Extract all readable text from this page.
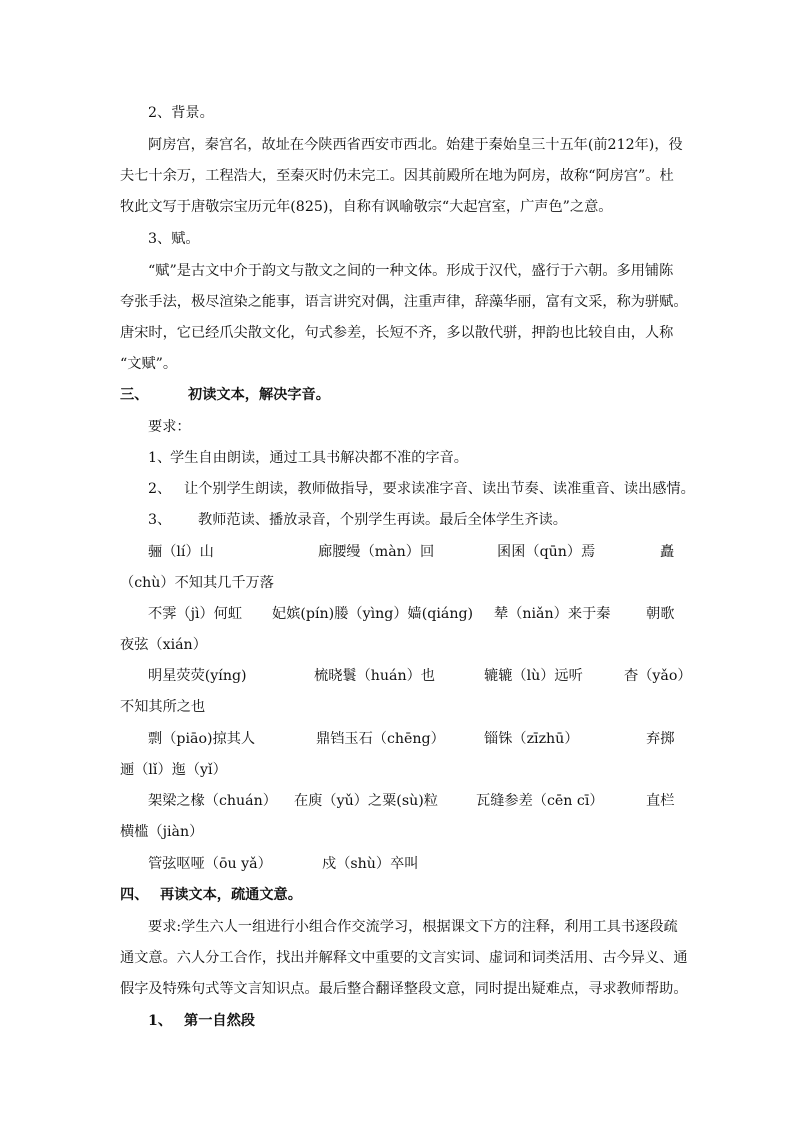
2、背景。
阿房宫，秦宫名，故址在今陕西省西安市西北。始建于秦始皇三十五年(前212年)，役
夫七十余万，工程浩大，至秦灭时仍未完工。因其前殿所在地为阿房，故称“阿房宫”。杜
牧此文写于唐敬宗宝历元年(825)，自称有讽喻敬宗“大起宫室，广声色”之意。
3、赋。
“赋”是古文中介于韵文与散文之间的一种文体。形成于汉代，盛行于六朝。多用铺陈
夸张手法，极尽渲染之能事，语言讲究对偶，注重声律，辞藻华丽，富有文采，称为骈赋。
唐宋时，它已经爪尖散文化，句式参差，长短不齐，多以散代骈，押韵也比较自由，人称
“文赋”。

三、

	初读文本，解决字音。

要求：

1、

学生自由朗读，通过工具书解决都不准的字音。

2、

让个别学生朗读，教师做指导，要求读准字音、读出节奏、读准重音、读出感情。

3、

教师范读、播放录音，个别学生再读。最后全体学生齐读。

骊（lí）山

	廊腰缦（màn）回

	囷囷（qūn）焉

	矗

（chù）不知其几千万落

不霁（jì）何虹

妃嫔(pín)媵（yìng）嫱(qiáng)

辇（niǎn）来于秦

	朝歌

夜弦（xián）

明星荧荧(yíng)

	梳晓鬟（huán）也

	辘辘（lù）远听

	杳（yǎo）

不知其所之也

剽（piāo)掠其人

	鼎铛玉石（chēng）

	锱铢（zīzhū）

	弃掷

逦（lǐ）迤（yǐ）

架梁之椽（chuán）

在庾（yǔ）之粟(sù)粒

	瓦缝参差（cēn cī）

	直栏

横槛（jiàn）

管弦呕哑（ōu yǎ）

	戍（shù）卒叫

四、

再读文本，疏通文意。

要求:学生六人一组进行小组合作交流学习，根据课文下方的注释，利用工具书逐段疏
通文意。六人分工合作，找出并解释文中重要的文言实词、虚词和词类活用、古今异义、通
假字及特殊句式等文言知识点。最后整合翻译整段文意，同时提出疑难点，寻求教师帮助。

1、

第一自然段
